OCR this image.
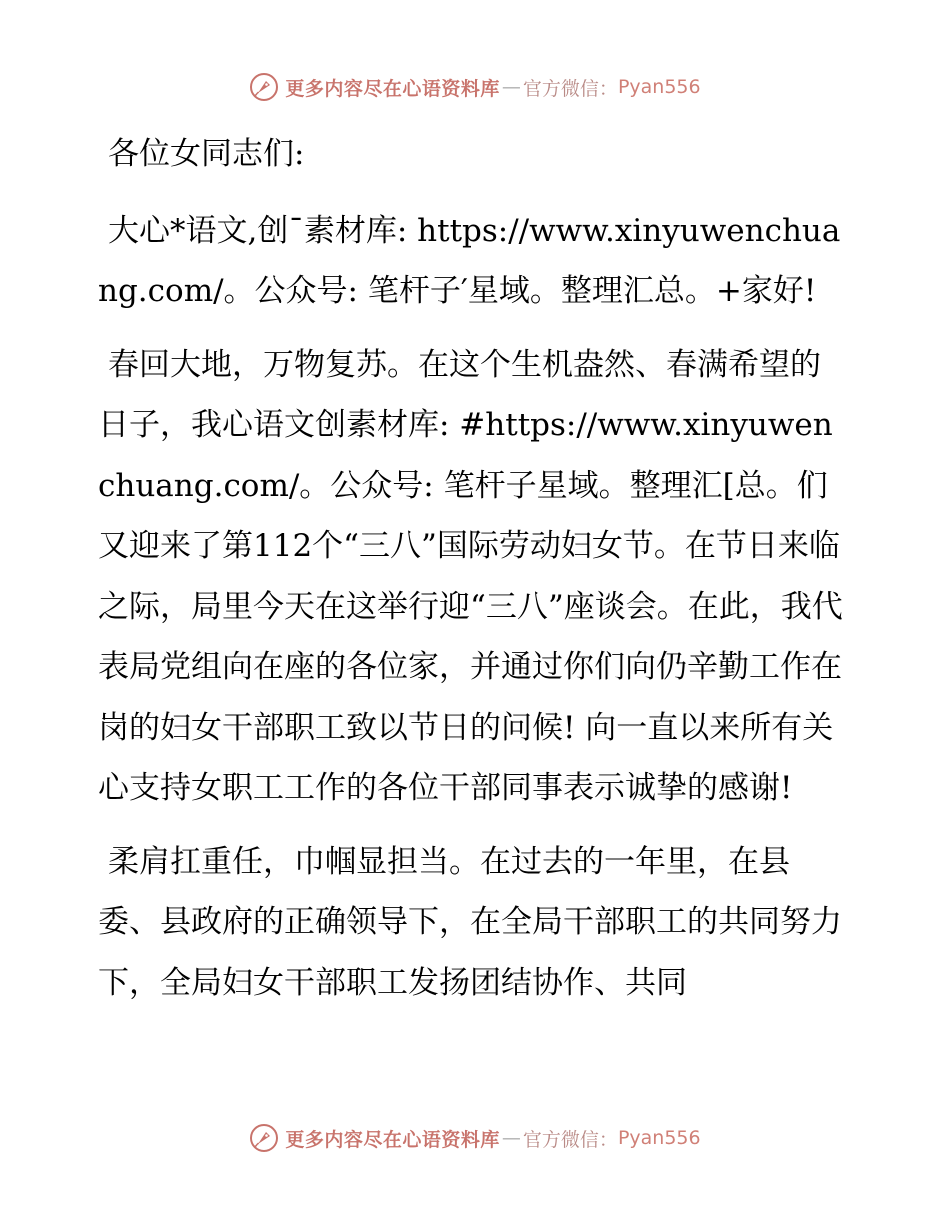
更多内容尽在心语资料库 — 官方微信： Pyan556

各位女同志们:

大心*语文,创¯素材库: https://www.xinyuwenchuang.com/。公众号: 笔杆子′星域。整理汇总。+家好!

春回大地，万物复苏。在这个生机盎然、春满希望的日子，我心语文创素材库: #https://www.xinyuwenchuang.com/。公众号: 笔杆子星域。整理汇[总。们又迎来了第112个“三八”国际劳动妇女节。在节日来临之际，局里今天在这举行迎“三八”座谈会。在此，我代表局党组向在座的各位家，并通过你们向仍辛勤工作在岗的妇女干部职工致以节日的问候! 向一直以来所有关心支持女职工工作的各位干部同事表示诚挚的感谢!

柔肩扛重任，巾帼显担当。在过去的一年里，在县委、县政府的正确领导下，在全局干部职工的共同努力下，全局妇女干部职工发扬团结协作、共同

更多内容尽在心语资料库 — 官方微信： Pyan556
